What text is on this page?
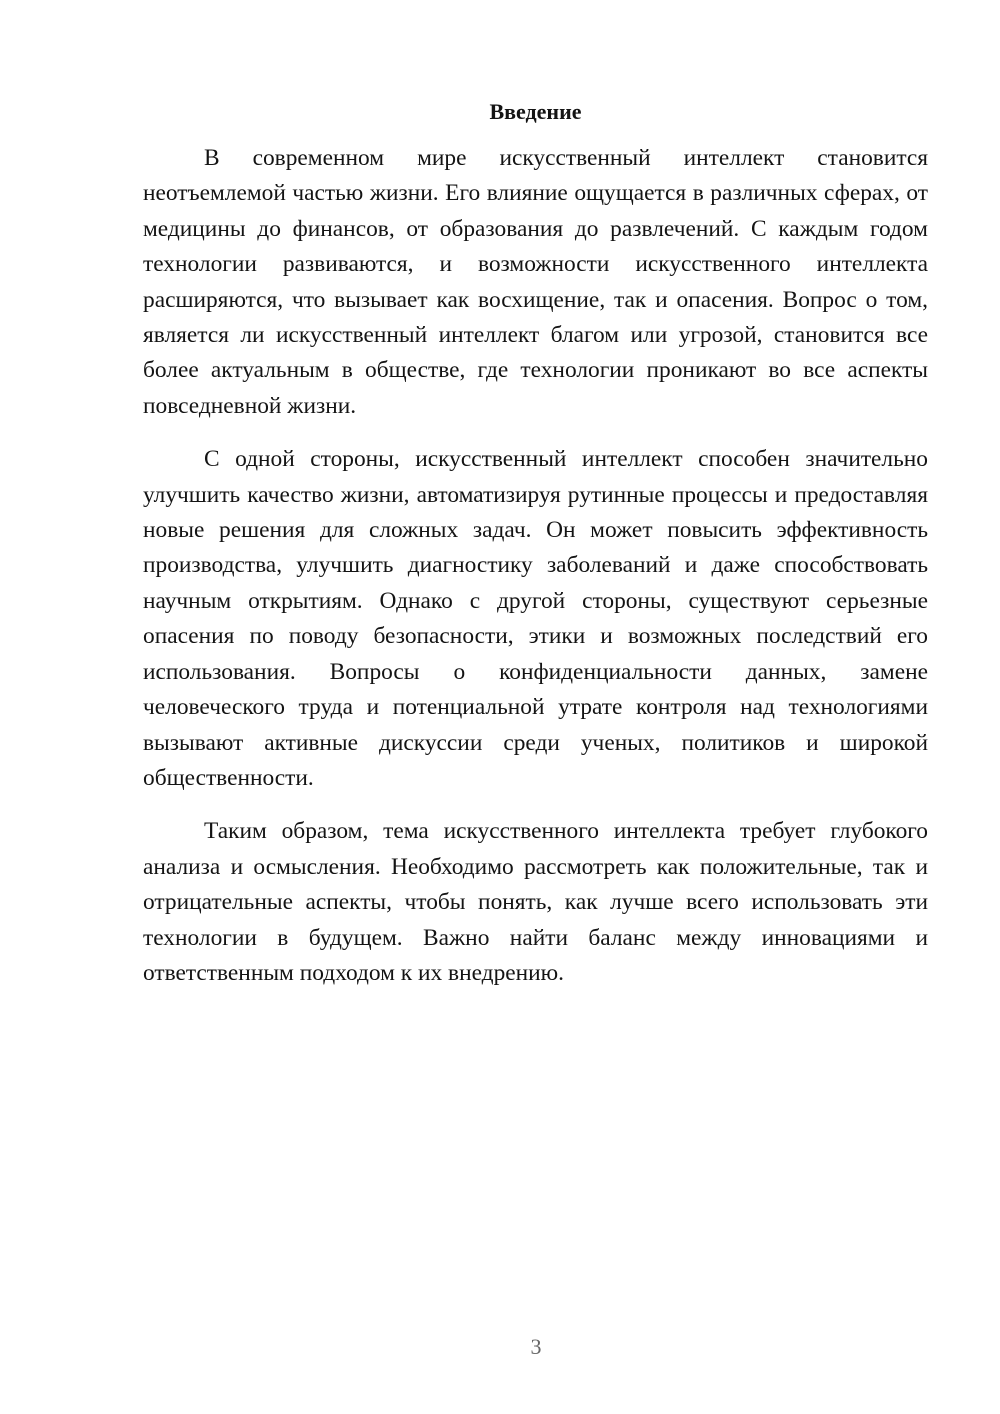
Введение

В современном мире искусственный интеллект становится неотъемлемой частью жизни. Его влияние ощущается в различных сферах, от медицины до финансов, от образования до развлечений. С каждым годом технологии развиваются, и возможности искусственного интеллекта расширяются, что вызывает как восхищение, так и опасения. Вопрос о том, является ли искусственный интеллект благом или угрозой, становится все более актуальным в обществе, где технологии проникают во все аспекты повседневной жизни.

С одной стороны, искусственный интеллект способен значительно улучшить качество жизни, автоматизируя рутинные процессы и предоставляя новые решения для сложных задач. Он может повысить эффективность производства, улучшить диагностику заболеваний и даже способствовать научным открытиям. Однако с другой стороны, существуют серьезные опасения по поводу безопасности, этики и возможных последствий его использования. Вопросы о конфиденциальности данных, замене человеческого труда и потенциальной утрате контроля над технологиями вызывают активные дискуссии среди ученых, политиков и широкой общественности.

Таким образом, тема искусственного интеллекта требует глубокого анализа и осмысления. Необходимо рассмотреть как положительные, так и отрицательные аспекты, чтобы понять, как лучше всего использовать эти технологии в будущем. Важно найти баланс между инновациями и ответственным подходом к их внедрению.

3
